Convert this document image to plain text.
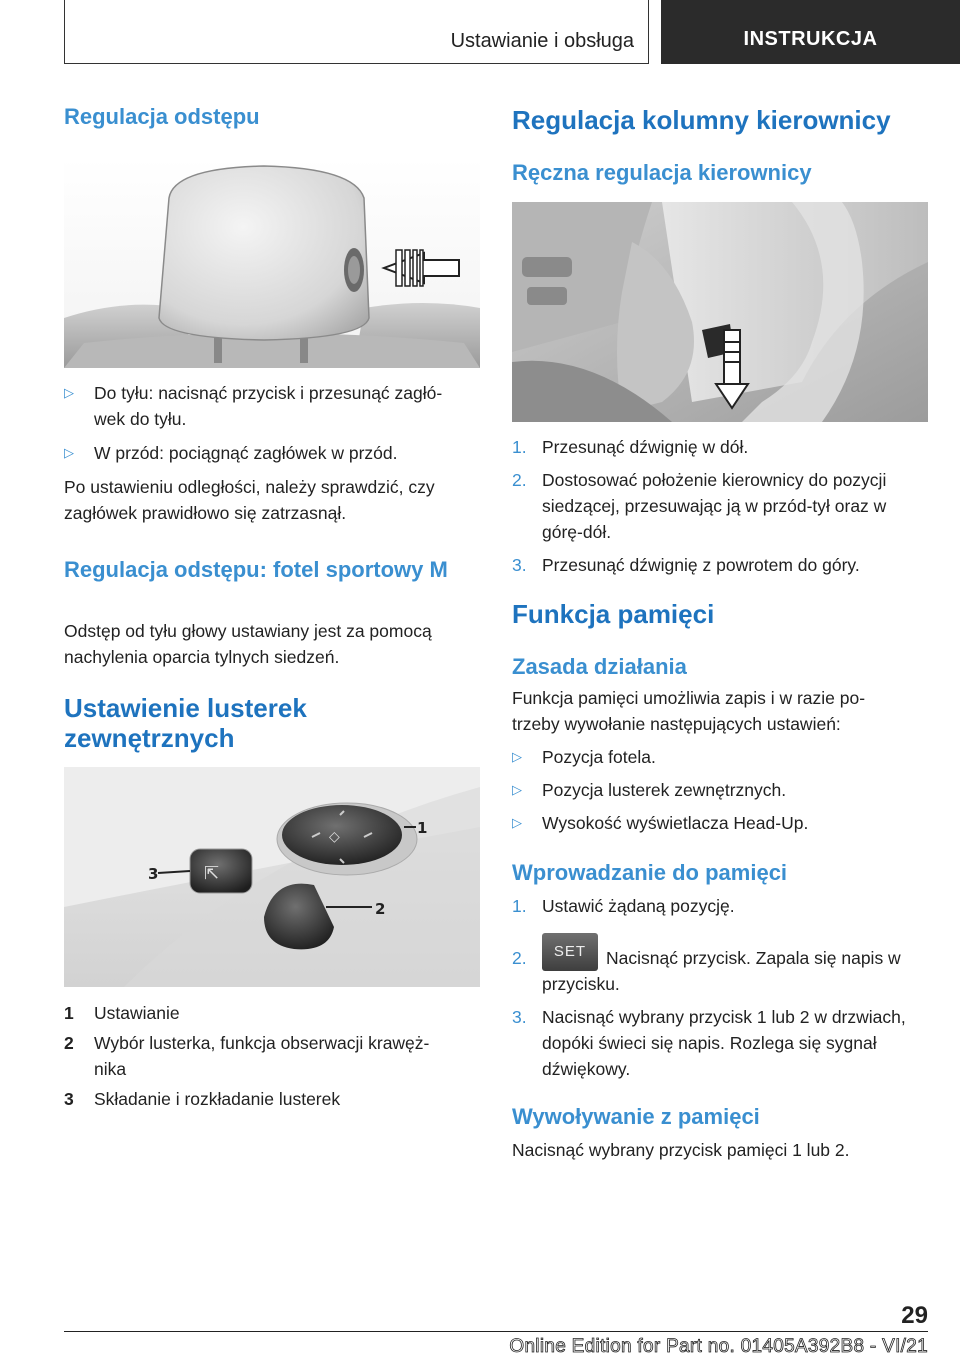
Ustawianie i obsługa	INSTRUKCJA
Regulacja odstępu
▷	Do tyłu: nacisnąć przycisk i przesunąć zagłó-
wek do tyłu.
▷	W przód: pociągnąć zagłówek w przód.

Po ustawieniu odległości, należy sprawdzić, czy zagłówek prawidłowo się zatrzasnął.

Regulacja odstępu: fotel sportowy M

Odstęp od tyłu głowy ustawiany jest za pomocą nachylenia oparcia tylnych siedzeń.

Ustawienie lusterek zewnętrznych
◇
⇱
1
2
3
1	Ustawianie
2	Wybór lusterka, funkcja obserwacji krawęż-
nika
3	Składanie i rozkładanie lusterek
Regulacja kolumny kierownicy
Ręczna regulacja kierownicy
1. Przesunąć dźwignię w dół.
2. Dostosować położenie kierownicy do pozycji siedzącej, przesuwając ją w przód-tył oraz w górę-dół.
3. Przesunąć dźwignię z powrotem do góry.
Funkcja pamięci
Zasada działania

Funkcja pamięci umożliwia zapis i w razie po-
trzeby wywołanie następujących ustawień:

▷	Pozycja fotela.
▷	Pozycja lusterek zewnętrznych.
▷	Wysokość wyświetlacza Head-Up.
Wprowadzanie do pamięci
1. Ustawić żądaną pozycję.
2.	SET	Nacisnąć przycisk. Zapala się napis w przycisku.
3. Nacisnąć wybrany przycisk 1 lub 2 w drzwiach, dopóki świeci się napis. Rozlega się sygnał dźwiękowy.
Wywoływanie z pamięci

Nacisnąć wybrany przycisk pamięci 1 lub 2.

29
Online Edition for Part no. 01405A392B8 - VI/21
